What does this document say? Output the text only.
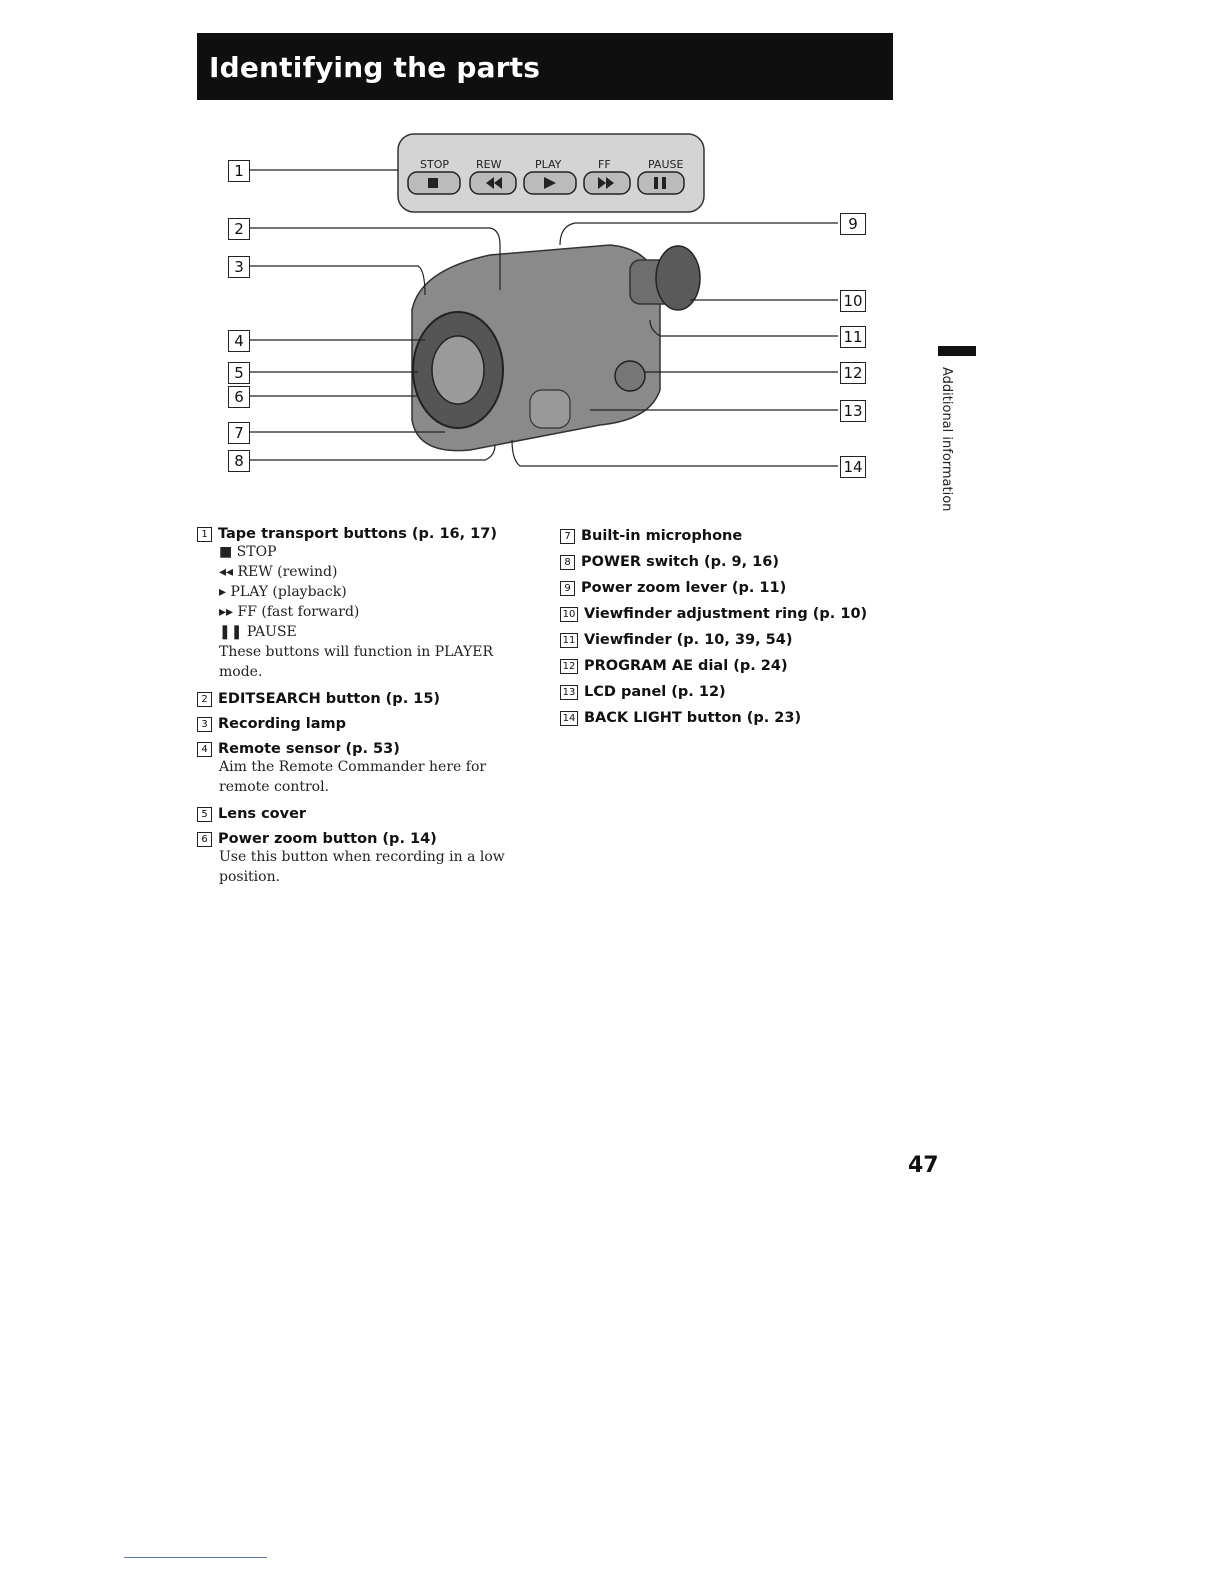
Identifying the parts
STOP REW	PLAY	FF	PAUSE
1
2
3
4
5
6
7
8
9
10
11
12
13
14	Additional information
1 Tape transport buttons (p. 16, 17)
■ STOP
◂◂ REW (rewind)
▸ PLAY (playback)
▸▸ FF (fast forward)
❚❚ PAUSE
These buttons will function in PLAYER mode.
2 EDITSEARCH button (p. 15)
3 Recording lamp
4 Remote sensor (p. 53)
Aim the Remote Commander here for remote control.
5 Lens cover
6 Power zoom button (p. 14)
Use this button when recording in a low position.
7 Built-in microphone
8 POWER switch (p. 9, 16)
9 Power zoom lever (p. 11)
10 Viewfinder adjustment ring (p. 10)
11 Viewfinder (p. 10, 39, 54)
12 PROGRAM AE dial (p. 24)
13 LCD panel (p. 12)
14 BACK LIGHT button (p. 23)
47
